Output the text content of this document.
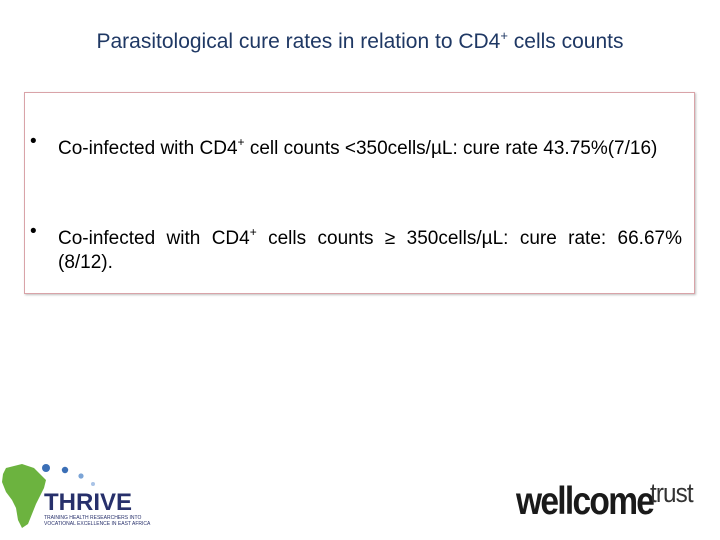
Parasitological cure rates in relation to CD4+ cells counts
• Co-infected with CD4+ cell counts <350cells/µL: cure rate 43.75%(7/16)
• Co-infected with CD4+ cells counts ≥ 350cells/µL: cure rate: 66.67%(8/12).
THRIVE
TRAINING HEALTH RESEARCHERS INTO
VOCATIONAL EXCELLENCE IN EAST AFRICA
wellcome
trust
